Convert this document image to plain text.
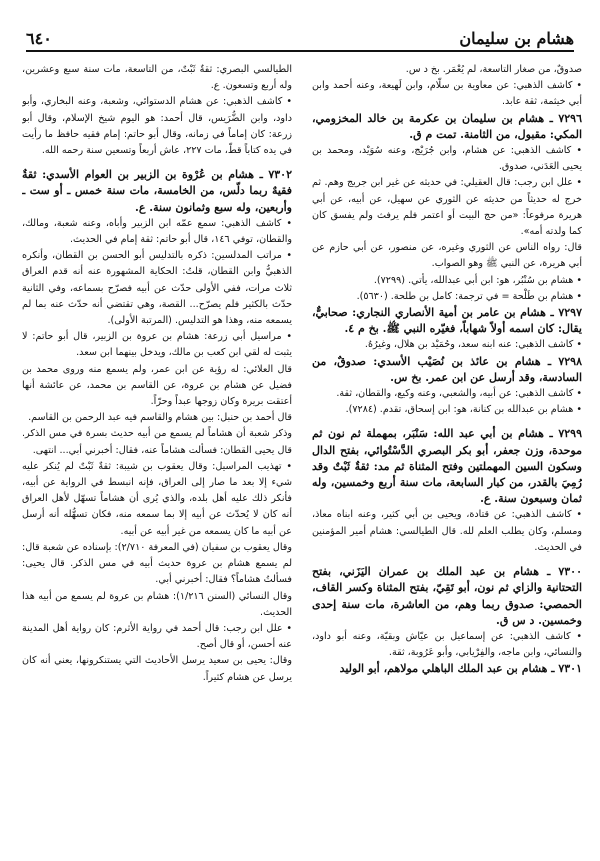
هشام بن سليمان
٦٤٠

صدوقٌ، من صغار التاسعة، لم يُعْمَر. بخ د س.

• كاشف الذهبي: عن معاوية بن سلّام، وابن لَهيعة، وعنه أحمد وابن أبي خيثمة، ثقة عابد.

٧٢٩٦ ـ هشام بن سليمان بن عكرمة بن خالد المخزومي، المكي: مقبول، من الثامنة. تمت م ق.

• كاشف الذهبي: عن هشام، وابن جُرَيْج، وعنه سُوَيْد، ومحمد بن يحيى العَدَني، صدوق.

• علل ابن رجب: قال العقيلي: في حديثه عن غير ابن جريج وهم. ثم خرج له حديثاً من حديثه عن الثوري عن سهيل، عن أبيه، عن أبي هريرة مرفوعاً: «من حج البيت أو اعتمر فلم يرفث ولم يفسق كان كما ولدته أمه».

قال: رواه الناس عن الثوري وغيره، عن منصور، عن أبي حازم عن أبي هريرة، عن النبي ﷺ وهو الصواب.

• هشام بن سُنْبُر، هو: ابن أبي عبدالله، يأتي. (٧٢٩٩).

• هشام بن طَلْحة = في ترجمة: كامل بن طلحة. (٥٦٣٠).

٧٢٩٧ ـ هشام بن عامر بن أمية الأنصاري النجاري: صحابيٌّ، يقال: كان اسمه أولاً شهاباً، فغيّره النبي ﷺ. بخ م ٤.

• كاشف الذهبي: عنه ابنه سعد، وحُمَيْد بن هلال، وغيرُهُ.

٧٢٩٨ ـ هشام بن عائذ بن نُصَيْب الأسدي: صدوقٌ، من السادسة، وقد أرسل عن ابن عمر. بخ س.

• كاشف الذهبي: عن أبيه، والشعبي، وعنه وكيع، والقطان، ثقة.

• هشام بن عبدالله بن كنانة، هو: ابن إسحاق، تقدم. (٧٢٨٤).

٧٢٩٩ ـ هشام بن أبي عبد الله: سَنْبَر، بمهملة ثم نون ثم موحدة، وزن جعفر، أبو بكر البصري الدَّسْتُوائي، بفتح الدال وسكون السين المهملتين وفتح المثناة ثم مد: ثقةٌ ثَبْتٌ وقد رُمِيَ بالقدر، من كبار السابعة، مات سنة أربع وخمسين، وله ثمان وسبعون سنة. ع.

• كاشف الذهبي: عن قتادة، ويحيى بن أبي كثير، وعنه ابناه معاذ، ومسلم، وكان يطلب العلم لله. قال الطيالسي: هشام أمير المؤمنين في الحديث.

٧٣٠٠ ـ هشام بن عبد الملك بن عمران اليَزَني، بفتح التحتانية والزاي ثم نون، أبو تَقِيّ، بفتح المثناة وكسر القاف، الحمصي: صدوق ربما وهم، من العاشرة، مات سنة إحدى وخمسين. د س ق.

• كاشف الذهبي: عن إسماعيل بن عيّاش وبقيّة، وعنه أبو داود، والنسائي، وابن ماجه، والفِرْيابي، وأبو عَرُوبة، ثقة.

٧٣٠١ ـ هشام بن عبد الملك الباهلي مولاهم، أبو الوليد

الطيالسي البصري: ثقةٌ ثَبْتٌ، من التاسعة، مات سنة سبع وعشرين، وله أربع وتسعون. ع.

• كاشف الذهبي: عن هشام الدستوائي، وشعبة، وعنه البخاري، وأبو داود، وابن الضُّرَيس، قال أحمد: هو اليوم شيخ الإسلام، وقال أبو زرعة: كان إماماً في زمانه، وقال أبو حاتم: إمام فقيه حافظ ما رأيت في يده كتاباً قطّ، مات ٢٢٧، عاش أربعاً وتسعين سنة رحمه الله.

٧٣٠٢ ـ هشام بن عُرْوة بن الزبير بن العوام الأسدي: ثقةٌ فقيهٌ ربما دلّس، من الخامسة، مات سنة خمس ـ أو ست ـ وأربعين، وله سبع وثمانون سنة. ع.

• كاشف الذهبي: سمع عمّه ابن الزبير وأباه، وعنه شعبة، ومالك، والقطان، توفي ١٤٦، قال أبو حاتم: ثقة إمام في الحديث.

• مراتب المدلسين: ذكره بالتدليس أبو الحسن بن القطان، وأنكره الذهبيُّ وابن القطان، قلتُ: الحكاية المشهورة عنه أنه قدم العراق ثلاث مرات، ففي الأولى حدّث عن أبيه فصرّح بسماعه، وفي الثانية حدّث بالكثير فلم يصرّح... القصة، وهي تقتضي أنه حدّث عنه بما لم يسمعه منه، وهذا هو التدليس. (المرتبة الأولى).

• مراسيل أبي زرعة: هشام بن عروة بن الزبير، قال أبو حاتم: لا يثبت له لقي ابن كعب بن مالك، ويدخل بينهما ابن سعد.

قال العلائي: له رؤية عن ابن عمر، ولم يسمع منه وروى محمد بن فضيل عن هشام بن عروة، عن القاسم بن محمد، عن عائشة أنها أعتقت بريرة وكان زوجها عبداً وحرّاً.

قال أحمد بن حنبل: بين هشام والقاسم فيه عبد الرحمن بن القاسم.

وذكر شعبة أن هشاماً لم يسمع من أبيه حديث بسرة في مس الذكر. قال يحيى القطان: فسألت هشاماً عنه، فقال: أخبرني أبي... انتهى.

• تهذيب المراسيل: وقال يعقوب بن شيبة: ثقةٌ ثَبْتٌ لم يُنكر عليه شيء إلا بعد ما صار إلى العراق، فإنه انبسط في الرواية عن أبيه، فأنكر ذلك عليه أهل بلده، والذي يُرى أن هشاماً تسهّل لأهل العراق أنه كان لا يُحدّث عن أبيه إلا بما سمعه منه، فكان تسهُّله أنه أرسل عن أبيه ما كان يسمعه من غير أبيه عن أبيه.

وقال يعقوب بن سفيان (في المعرفة ٢/٧١٠): بإسناده عن شعبة قال: لم يسمع هشام بن عروة حديث أبيه في مس الذكر. قال يحيى: فسألتُ هشاماً؟ فقال: أخبرني أبي.

وقال النسائي (السنن ١/٢١٦): هشام بن عروة لم يسمع من أبيه هذا الحديث.

• علل ابن رجب: قال أحمد في رواية الأثرم: كان رواية أهل المدينة عنه أحسن، أو قال أصح.

وقال: يحيى بن سعيد يرسل الأحاديث التي يستنكرونها، يعني أنه كان يرسل عن هشام كثيراً.
